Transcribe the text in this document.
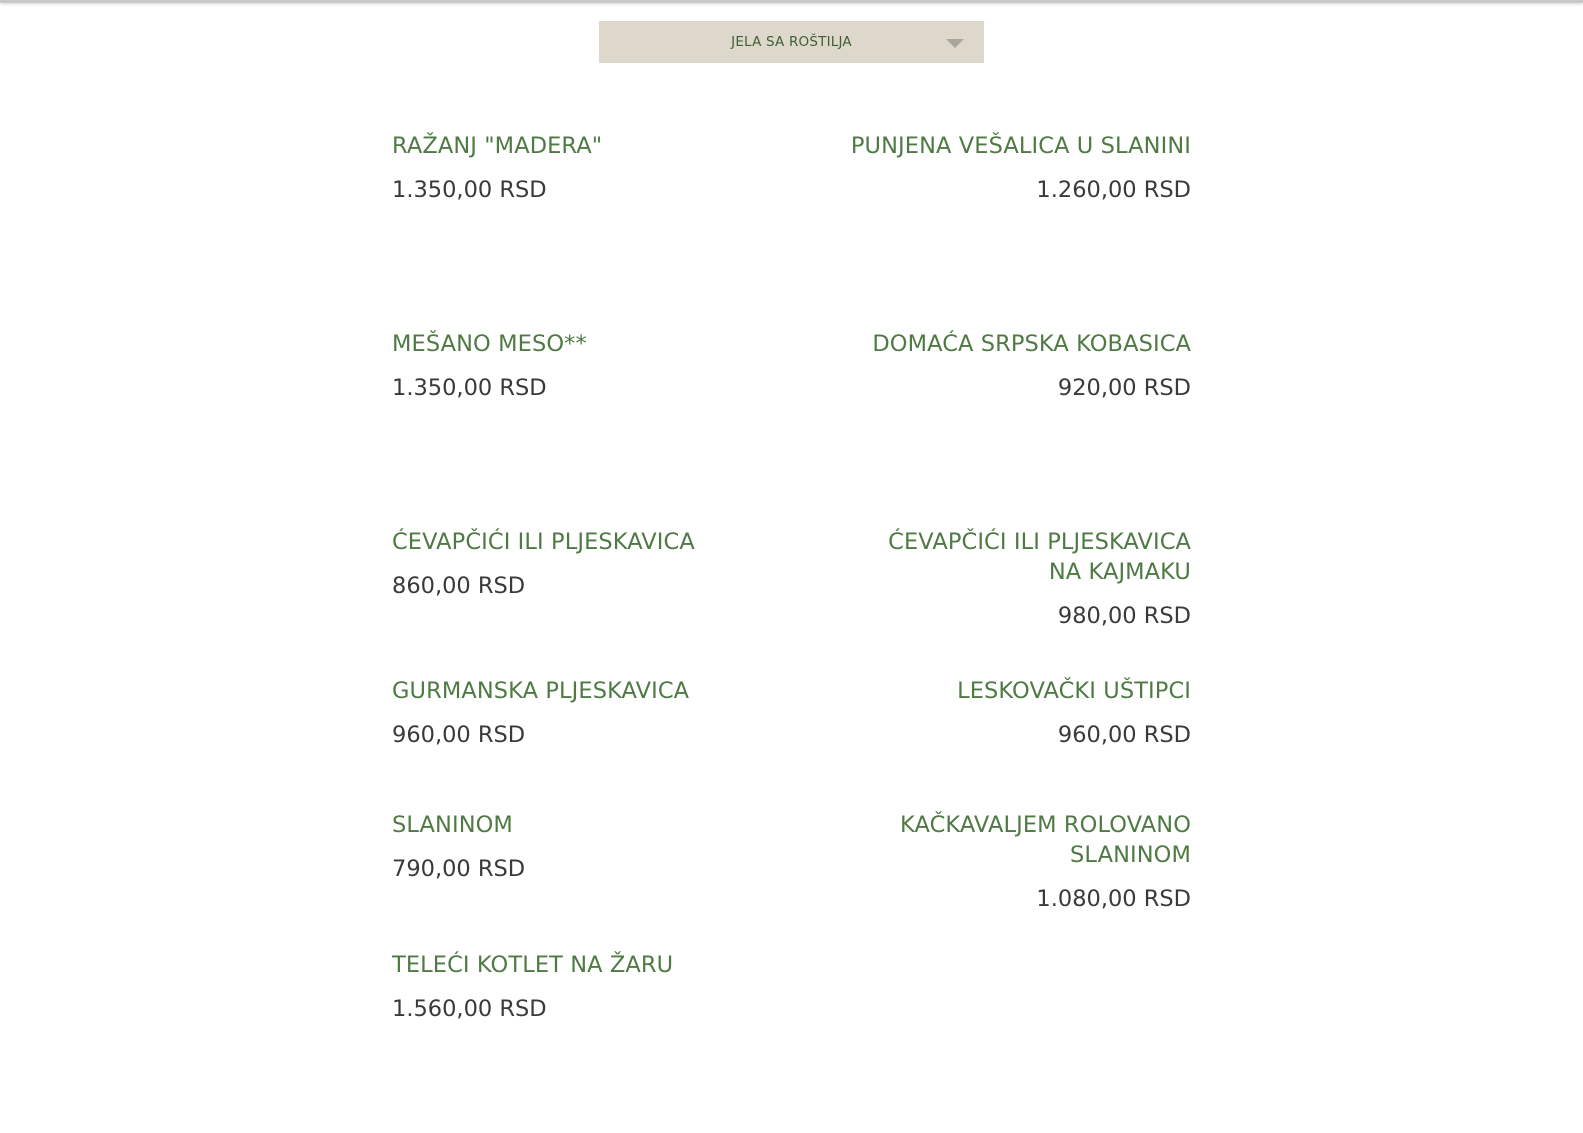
JELA SA ROŠTILJA
RAŽANJ "MADERA"
1.350,00 RSD
PUNJENA VEŠALICA U SLANINI
1.260,00 RSD
MEŠANO MESO**
1.350,00 RSD
DOMAĆA SRPSKA KOBASICA
920,00 RSD
ĆEVAPČIĆI ILI PLJESKAVICA
860,00 RSD
ĆEVAPČIĆI ILI PLJESKAVICA NA KAJMAKU
980,00 RSD
GURMANSKA PLJESKAVICA
960,00 RSD
LESKOVAČKI UŠTIPCI
960,00 RSD
SLANINOM
790,00 RSD
KAČKAVALJEM ROLOVANO SLANINOM
1.080,00 RSD
TELEĆI KOTLET NA ŽARU
1.560,00 RSD
